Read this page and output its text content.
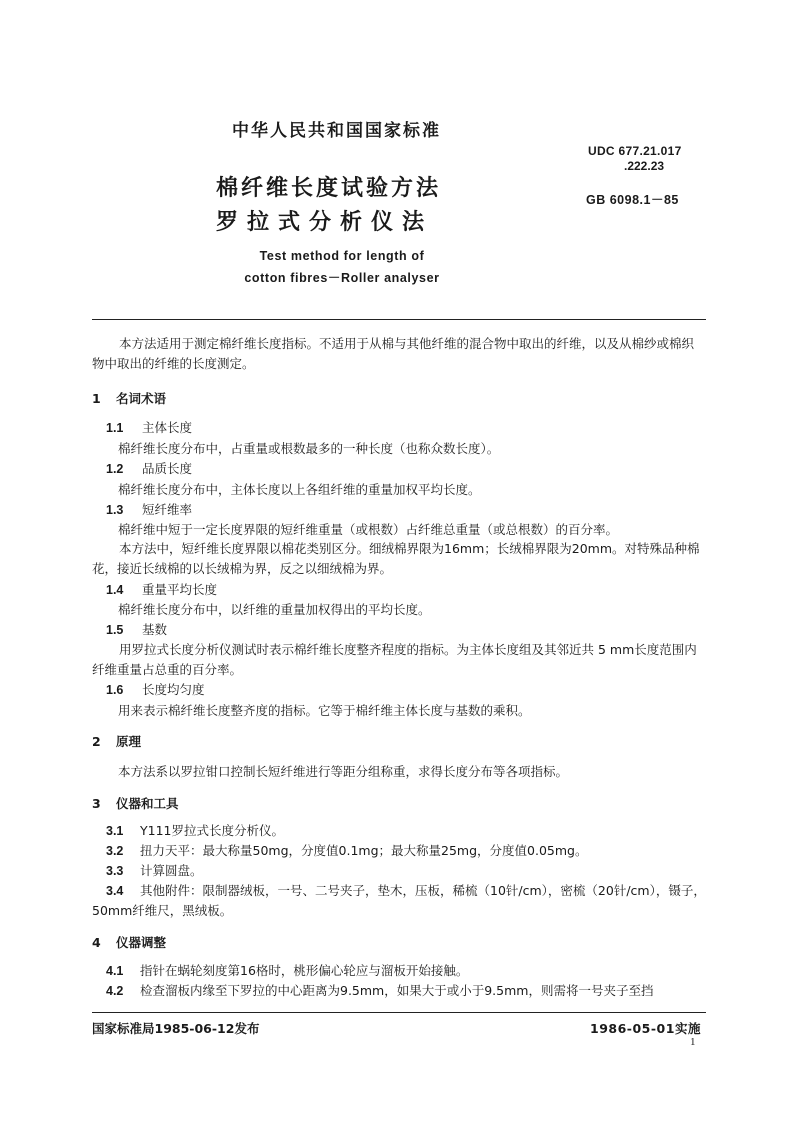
中华人民共和国国家标准
棉纤维长度试验方法
罗拉式分析仪法
Test method for length of
cotton fibres－Roller analyser
UDC 677.21.017
.222.23
GB 6098.1－85
本方法适用于测定棉纤维长度指标。不适用于从棉与其他纤维的混合物中取出的纤维，以及从棉纱或棉织物中取出的纤维的长度测定。
1 名词术语
1.1 主体长度
棉纤维长度分布中，占重量或根数最多的一种长度（也称众数长度）。
1.2 品质长度
棉纤维长度分布中，主体长度以上各组纤维的重量加权平均长度。
1.3 短纤维率
棉纤维中短于一定长度界限的短纤维重量（或根数）占纤维总重量（或总根数）的百分率。
本方法中，短纤维长度界限以棉花类别区分。细绒棉界限为16mm；长绒棉界限为20mm。对特殊品种棉花，接近长绒棉的以长绒棉为界，反之以细绒棉为界。
1.4 重量平均长度
棉纤维长度分布中，以纤维的重量加权得出的平均长度。
1.5 基数
用罗拉式长度分析仪测试时表示棉纤维长度整齐程度的指标。为主体长度组及其邻近共 5 mm长度范围内纤维重量占总重的百分率。
1.6 长度均匀度
用来表示棉纤维长度整齐度的指标。它等于棉纤维主体长度与基数的乘积。
2 原理
本方法系以罗拉钳口控制长短纤维进行等距分组称重，求得长度分布等各项指标。
3 仪器和工具
3.1 Y111罗拉式长度分析仪。
3.2 扭力天平：最大称量50mg，分度值0.1mg；最大称量25mg，分度值0.05mg。
3.3 计算圆盘。
3.4 其他附件：限制器绒板，一号、二号夹子，垫木，压板，稀梳（10针/cm），密梳（20针/cm），镊子，50mm纤维尺，黑绒板。
4 仪器调整
4.1 指针在蜗轮刻度第16格时，桃形偏心轮应与溜板开始接触。
4.2 检查溜板内缘至下罗拉的中心距离为9.5mm，如果大于或小于9.5mm，则需将一号夹子至挡
国家标准局1985-06-12发布	1986-05-01实施
1
